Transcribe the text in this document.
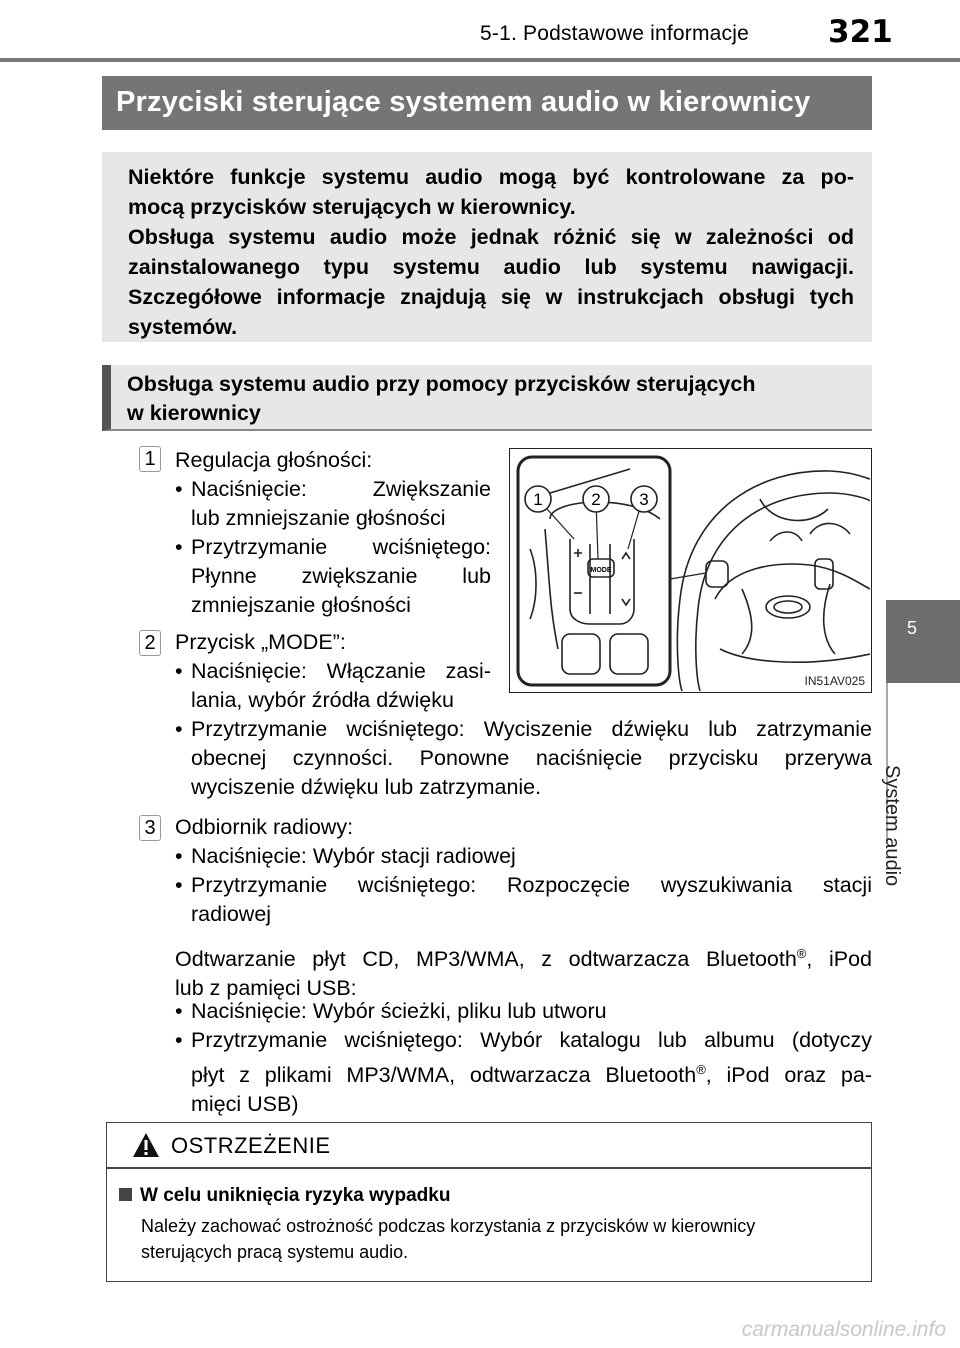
5-1. Podstawowe informacje	321
5
System audio
Przyciski sterujące systemem audio w kierownicy
Niektóre funkcje systemu audio mogą być kontrolowane za po-
mocą przycisków sterujących w kierownicy.
Obsługa systemu audio może jednak różnić się w zależności od
zainstalowanego typu systemu audio lub systemu nawigacji.
Szczegółowe informacje znajdują się w instrukcjach obsługi tych
systemów.
Obsługa systemu audio przy pomocy przycisków sterujących
w kierownicy
1 Regulacja głośności:
• Naciśnięcie: Zwiększanie
lub zmniejszanie głośności
• Przytrzymanie wciśniętego:
Płynne zwiększanie lub
zmniejszanie głośności
2 Przycisk „MODE”:
• Naciśnięcie: Włączanie zasi-
lania, wybór źródła dźwięku
• Przytrzymanie wciśniętego: Wyciszenie dźwięku lub zatrzymanie
obecnej czynności. Ponowne naciśnięcie przycisku przerywa
wyciszenie dźwięku lub zatrzymanie.
1	2 3
MODE
IN51AV025
3 Odbiornik radiowy:
• Naciśnięcie: Wybór stacji radiowej
• Przytrzymanie wciśniętego: Rozpoczęcie wyszukiwania stacji
radiowej
Odtwarzanie płyt CD, MP3/WMA, z odtwarzacza Bluetooth®, iPod
lub z pamięci USB:
• Naciśnięcie: Wybór ścieżki, pliku lub utworu
• Przytrzymanie wciśniętego: Wybór katalogu lub albumu (dotyczy
płyt z plikami MP3/WMA, odtwarzacza Bluetooth®, iPod oraz pa-
mięci USB)
OSTRZEŻENIE
W celu uniknięcia ryzyka wypadku
Należy zachować ostrożność podczas korzystania z przycisków w kierownicy
sterujących pracą systemu audio.
carmanualsonline.info
